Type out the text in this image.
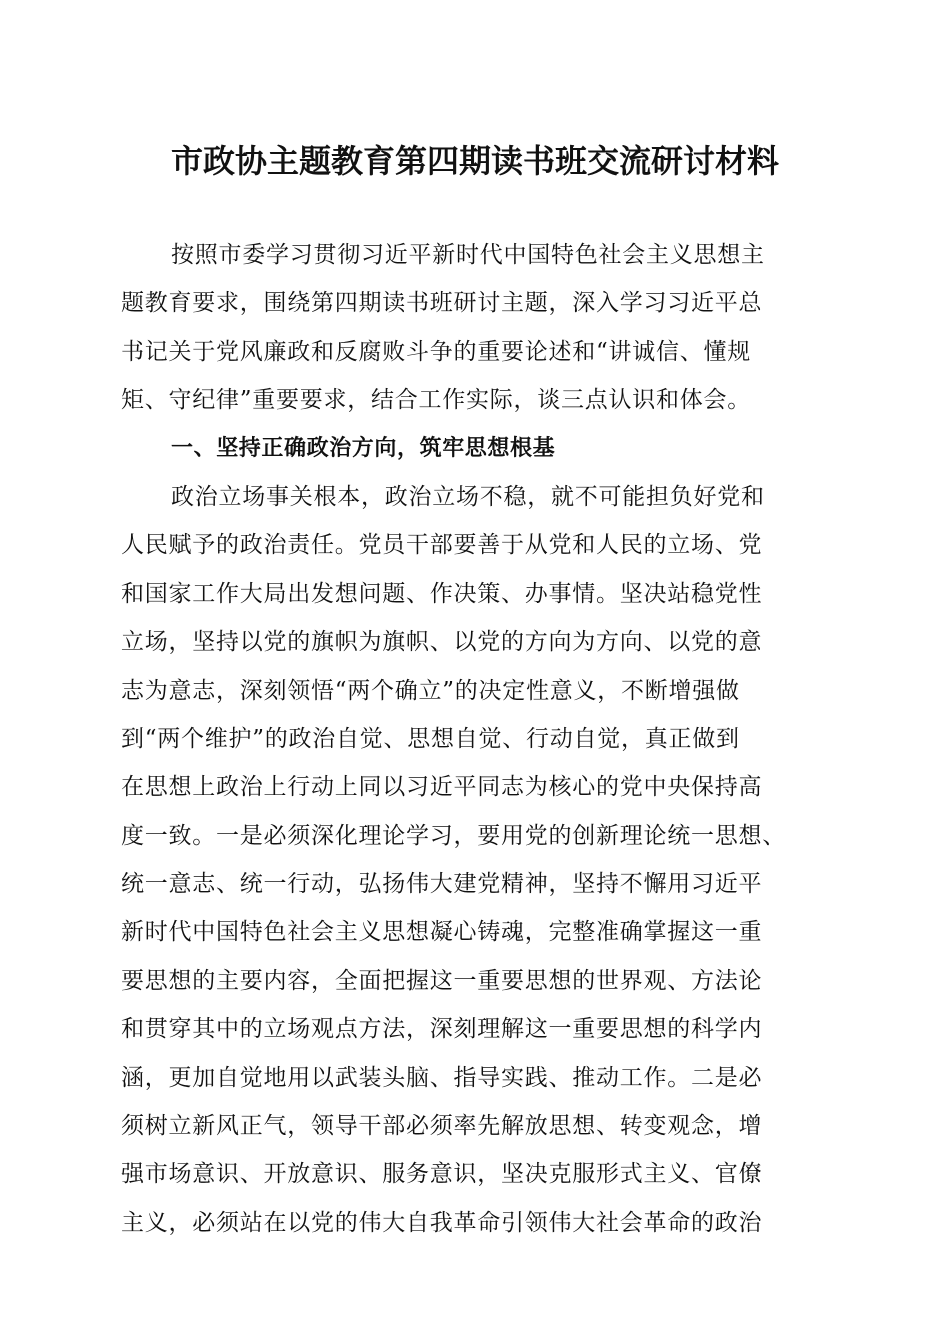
市政协主题教育第四期读书班交流研讨材料

按照市委学习贯彻习近平新时代中国特色社会主义思想主

题教育要求，围绕第四期读书班研讨主题，深入学习习近平总

书记关于党风廉政和反腐败斗争的重要论述和“讲诚信、懂规

矩、守纪律”重要要求，结合工作实际，谈三点认识和体会。

一、坚持正确政治方向，筑牢思想根基

政治立场事关根本，政治立场不稳，就不可能担负好党和

人民赋予的政治责任。党员干部要善于从党和人民的立场、党

和国家工作大局出发想问题、作决策、办事情。坚决站稳党性

立场，坚持以党的旗帜为旗帜、以党的方向为方向、以党的意

志为意志，深刻领悟“两个确立”的决定性意义，不断增强做

到“两个维护”的政治自觉、思想自觉、行动自觉，真正做到

在思想上政治上行动上同以习近平同志为核心的党中央保持高

度一致。一是必须深化理论学习，要用党的创新理论统一思想、

统一意志、统一行动，弘扬伟大建党精神，坚持不懈用习近平

新时代中国特色社会主义思想凝心铸魂，完整准确掌握这一重

要思想的主要内容，全面把握这一重要思想的世界观、方法论

和贯穿其中的立场观点方法，深刻理解这一重要思想的科学内

涵，更加自觉地用以武装头脑、指导实践、推动工作。二是必

须树立新风正气，领导干部必须率先解放思想、转变观念，增

强市场意识、开放意识、服务意识，坚决克服形式主义、官僚

主义，必须站在以党的伟大自我革命引领伟大社会革命的政治
